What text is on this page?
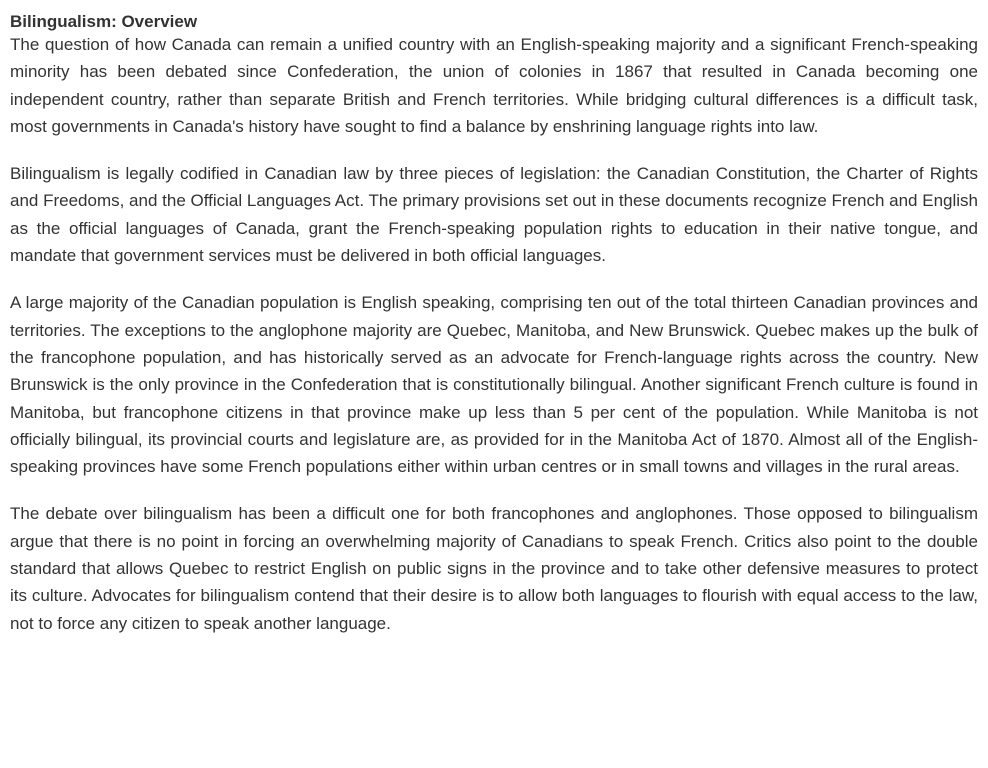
Bilingualism: Overview

The question of how Canada can remain a unified country with an English-speaking majority and a significant French-speaking minority has been debated since Confederation, the union of colonies in 1867 that resulted in Canada becoming one independent country, rather than separate British and French territories. While bridging cultural differences is a difficult task, most governments in Canada's history have sought to find a balance by enshrining language rights into law.

Bilingualism is legally codified in Canadian law by three pieces of legislation: the Canadian Constitution, the Charter of Rights and Freedoms, and the Official Languages Act. The primary provisions set out in these documents recognize French and English as the official languages of Canada, grant the French-speaking population rights to education in their native tongue, and mandate that government services must be delivered in both official languages.

A large majority of the Canadian population is English speaking, comprising ten out of the total thirteen Canadian provinces and territories. The exceptions to the anglophone majority are Quebec, Manitoba, and New Brunswick. Quebec makes up the bulk of the francophone population, and has historically served as an advocate for French-language rights across the country. New Brunswick is the only province in the Confederation that is constitutionally bilingual. Another significant French culture is found in Manitoba, but francophone citizens in that province make up less than 5 per cent of the population. While Manitoba is not officially bilingual, its provincial courts and legislature are, as provided for in the Manitoba Act of 1870. Almost all of the English-speaking provinces have some French populations either within urban centres or in small towns and villages in the rural areas.

The debate over bilingualism has been a difficult one for both francophones and anglophones. Those opposed to bilingualism argue that there is no point in forcing an overwhelming majority of Canadians to speak French. Critics also point to the double standard that allows Quebec to restrict English on public signs in the province and to take other defensive measures to protect its culture. Advocates for bilingualism contend that their desire is to allow both languages to flourish with equal access to the law, not to force any citizen to speak another language.
